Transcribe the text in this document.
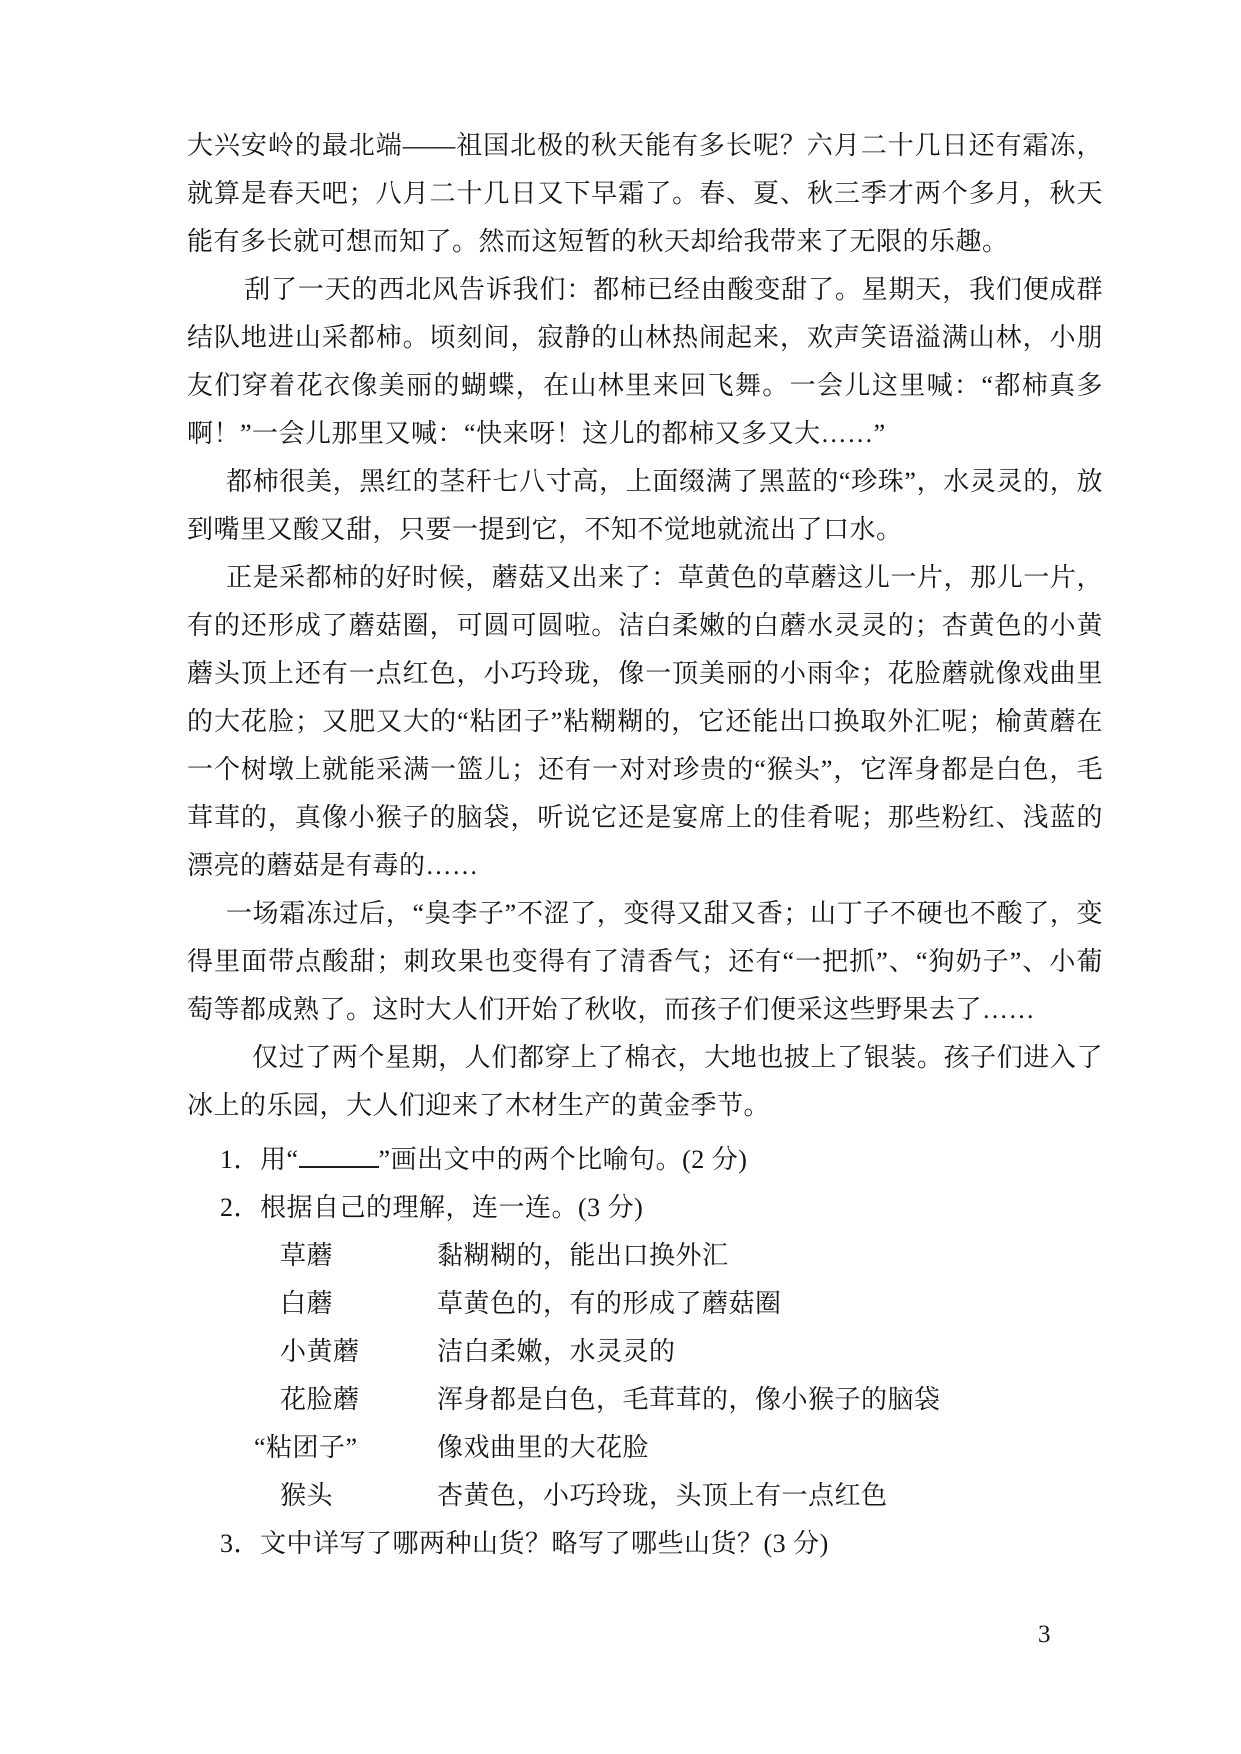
大兴安岭的最北端——祖国北极的秋天能有多长呢？六月二十几日还有霜冻，就算是春天吧；八月二十几日又下早霜了。春、夏、秋三季才两个多月，秋天能有多长就可想而知了。然而这短暂的秋天却给我带来了无限的乐趣。

刮了一天的西北风告诉我们：都柿已经由酸变甜了。星期天，我们便成群结队地进山采都柿。顷刻间，寂静的山林热闹起来，欢声笑语溢满山林，小朋友们穿着花衣像美丽的蝴蝶，在山林里来回飞舞。一会儿这里喊：“都柿真多啊！”一会儿那里又喊：“快来呀！这儿的都柿又多又大……”

都柿很美，黑红的茎秆七八寸高，上面缀满了黑蓝的“珍珠”，水灵灵的，放到嘴里又酸又甜，只要一提到它，不知不觉地就流出了口水。

正是采都柿的好时候，蘑菇又出来了：草黄色的草蘑这儿一片，那儿一片，有的还形成了蘑菇圈，可圆可圆啦。洁白柔嫩的白蘑水灵灵的；杏黄色的小黄蘑头顶上还有一点红色，小巧玲珑，像一顶美丽的小雨伞；花脸蘑就像戏曲里的大花脸；又肥又大的“粘团子”粘糊糊的，它还能出口换取外汇呢；榆黄蘑在一个树墩上就能采满一篮儿；还有一对对珍贵的“猴头”，它浑身都是白色，毛茸茸的，真像小猴子的脑袋，听说它还是宴席上的佳肴呢；那些粉红、浅蓝的漂亮的蘑菇是有毒的……

一场霜冻过后，“臭李子”不涩了，变得又甜又香；山丁子不硬也不酸了，变得里面带点酸甜；刺玫果也变得有了清香气；还有“一把抓”、“狗奶子”、小葡萄等都成熟了。这时大人们开始了秋收，而孩子们便采这些野果去了……

仅过了两个星期，人们都穿上了棉衣，大地也披上了银装。孩子们进入了冰上的乐园，大人们迎来了木材生产的黄金季节。

1．用“	”画出文中的两个比喻句。(2 分)
2．根据自己的理解，连一连。(3 分)
草蘑	黏糊糊的，能出口换外汇
白蘑	草黄色的，有的形成了蘑菇圈
小黄蘑	洁白柔嫩，水灵灵的
花脸蘑	浑身都是白色，毛茸茸的，像小猴子的脑袋
“粘团子”	像戏曲里的大花脸
猴头	杏黄色，小巧玲珑，头顶上有一点红色
3．文中详写了哪两种山货？略写了哪些山货？(3 分)
3
